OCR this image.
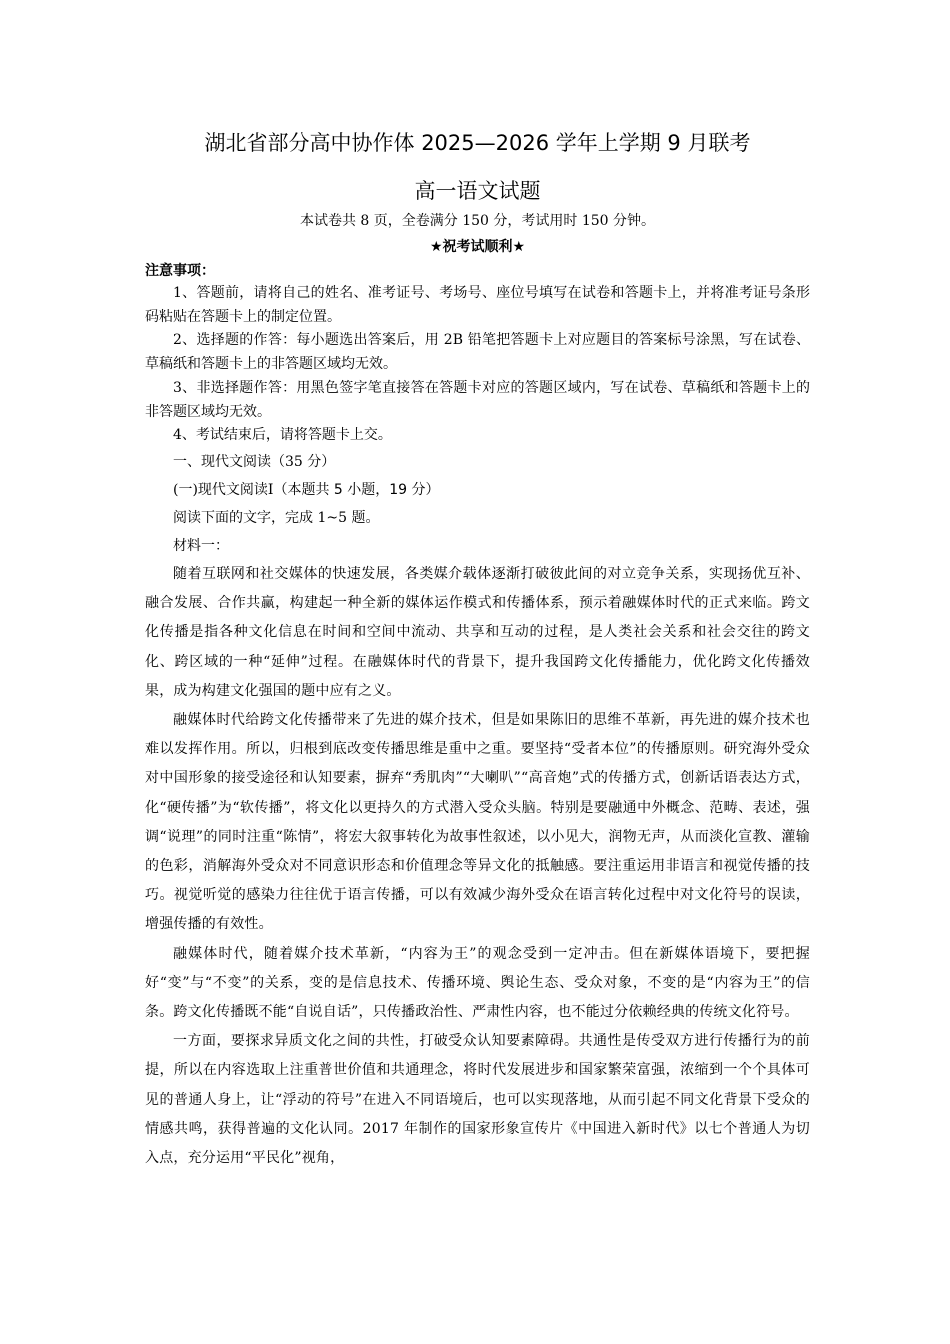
湖北省部分高中协作体 2025—2026 学年上学期 9 月联考
高一语文试题
本试卷共 8 页，全卷满分 150 分，考试用时 150 分钟。
★祝考试顺利★
注意事项：

1、答题前，请将自己的姓名、准考证号、考场号、座位号填写在试卷和答题卡上，并将准考证号条形码粘贴在答题卡上的制定位置。

2、选择题的作答：每小题选出答案后，用 2B 铅笔把答题卡上对应题目的答案标号涂黑，写在试卷、草稿纸和答题卡上的非答题区域均无效。

3、非选择题作答：用黑色签字笔直接答在答题卡对应的答题区域内，写在试卷、草稿纸和答题卡上的非答题区域均无效。

4、考试结束后，请将答题卡上交。

一、现代文阅读（35 分）
(一)现代文阅读Ⅰ（本题共 5 小题，19 分）
阅读下面的文字，完成 1~5 题。
材料一：

随着互联网和社交媒体的快速发展，各类媒介载体逐渐打破彼此间的对立竞争关系，实现扬优互补、融合发展、合作共赢，构建起一种全新的媒体运作模式和传播体系，预示着融媒体时代的正式来临。跨文化传播是指各种文化信息在时间和空间中流动、共享和互动的过程，是人类社会关系和社会交往的跨文化、跨区域的一种“延伸”过程。在融媒体时代的背景下，提升我国跨文化传播能力，优化跨文化传播效果，成为构建文化强国的题中应有之义。

融媒体时代给跨文化传播带来了先进的媒介技术，但是如果陈旧的思维不革新，再先进的媒介技术也难以发挥作用。所以，归根到底改变传播思维是重中之重。要坚持“受者本位”的传播原则。研究海外受众对中国形象的接受途径和认知要素，摒弃“秀肌肉”“大喇叭”“高音炮”式的传播方式，创新话语表达方式，化“硬传播”为“软传播”，将文化以更持久的方式潜入受众头脑。特别是要融通中外概念、范畴、表述，强调“说理”的同时注重“陈情”，将宏大叙事转化为故事性叙述，以小见大，润物无声，从而淡化宣教、灌输的色彩，消解海外受众对不同意识形态和价值理念等异文化的抵触感。要注重运用非语言和视觉传播的技巧。视觉听觉的感染力往往优于语言传播，可以有效减少海外受众在语言转化过程中对文化符号的误读，增强传播的有效性。

融媒体时代，随着媒介技术革新，“内容为王”的观念受到一定冲击。但在新媒体语境下，要把握好“变”与“不变”的关系，变的是信息技术、传播环境、舆论生态、受众对象，不变的是“内容为王”的信条。跨文化传播既不能“自说自话”，只传播政治性、严肃性内容，也不能过分依赖经典的传统文化符号。

一方面，要探求异质文化之间的共性，打破受众认知要素障碍。共通性是传受双方进行传播行为的前提，所以在内容选取上注重普世价值和共通理念，将时代发展进步和国家繁荣富强，浓缩到一个个具体可见的普通人身上，让“浮动的符号”在进入不同语境后，也可以实现落地，从而引起不同文化背景下受众的情感共鸣，获得普遍的文化认同。2017 年制作的国家形象宣传片《中国进入新时代》以七个普通人为切入点，充分运用“平民化”视角，
